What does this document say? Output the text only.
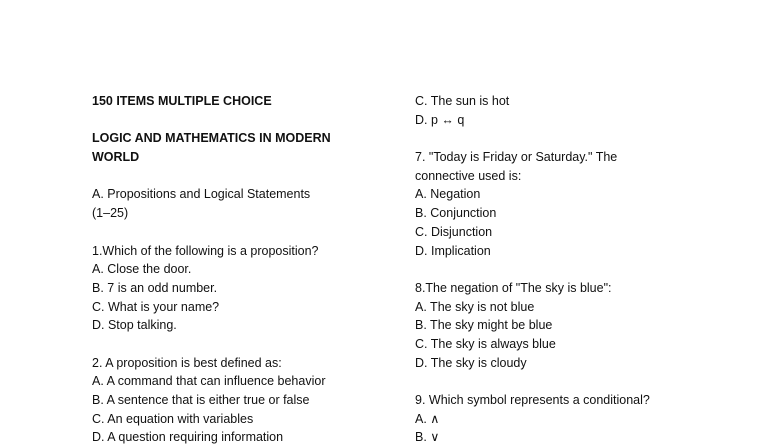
150 ITEMS MULTIPLE CHOICE
LOGIC AND MATHEMATICS IN MODERN
WORLD
A. Propositions and Logical Statements
(1–25)
1.Which of the following is a proposition?
A. Close the door.
B. 7 is an odd number.
C. What is your name?
D. Stop talking.
2. A proposition is best defined as:
A. A command that can influence behavior
B. A sentence that is either true or false
C. An equation with variables
D. A question requiring information
C. The sun is hot
D. p ↔ q
7. "Today is Friday or Saturday." The
connective used is:
A. Negation
B. Conjunction
C. Disjunction
D. Implication
8.The negation of "The sky is blue":
A. The sky is not blue
B. The sky might be blue
C. The sky is always blue
D. The sky is cloudy
9. Which symbol represents a conditional?
A. ∧
B. ∨
